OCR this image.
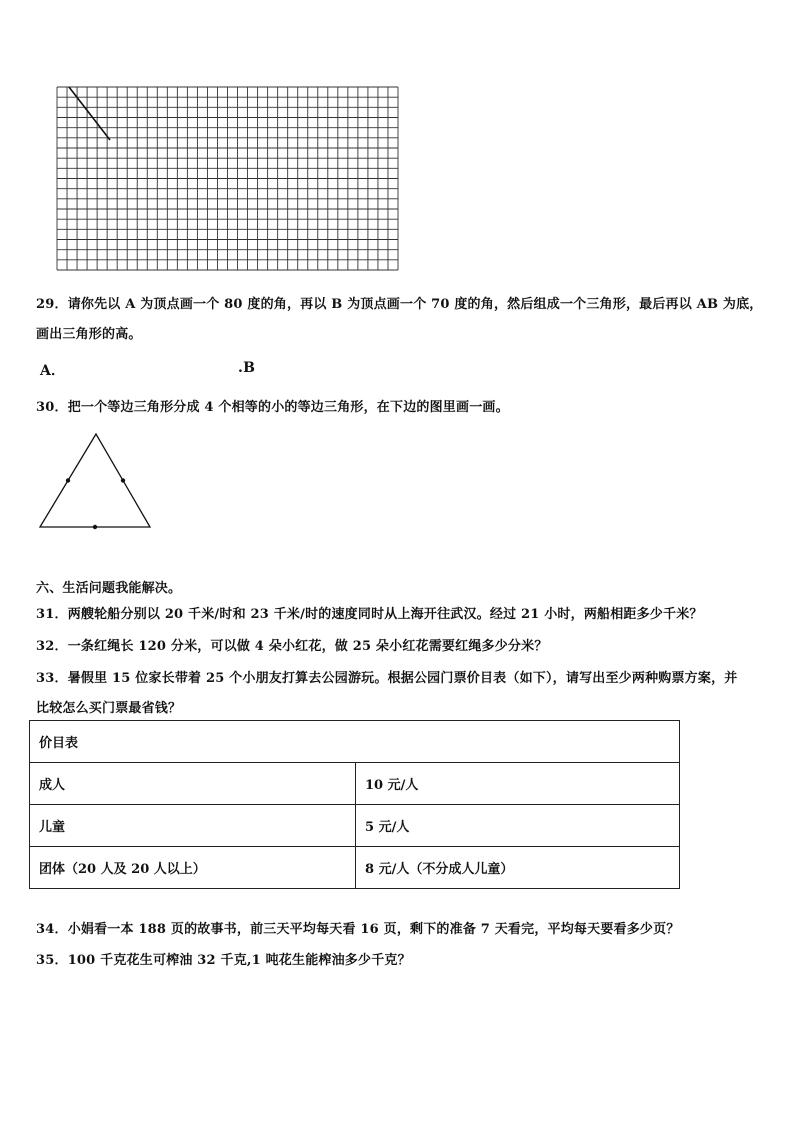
29．请你先以 A 为顶点画一个 80 度的角，再以 B 为顶点画一个 70 度的角，然后组成一个三角形，最后再以 AB 为底，
画出三角形的高。
A．	.B
30．把一个等边三角形分成 4 个相等的小的等边三角形，在下边的图里画一画。
六、生活问题我能解决。
31．两艘轮船分别以 20 千米/时和 23 千米/时的速度同时从上海开往武汉。经过 21 小时，两船相距多少千米？
32．一条红绳长 120 分米，可以做 4 朵小红花，做 25 朵小红花需要红绳多少分米？
33．暑假里 15 位家长带着 25 个小朋友打算去公园游玩。根据公园门票价目表（如下），请写出至少两种购票方案，并
比较怎么买门票最省钱？
价目表	
成人	10 元/人
儿童	5 元/人
团体（20 人及 20 人以上）	8 元/人（不分成人儿童）
34．小娟看一本 188 页的故事书，前三天平均每天看 16 页，剩下的准备 7 天看完，平均每天要看多少页？
35．100 千克花生可榨油 32 千克,1 吨花生能榨油多少千克？
